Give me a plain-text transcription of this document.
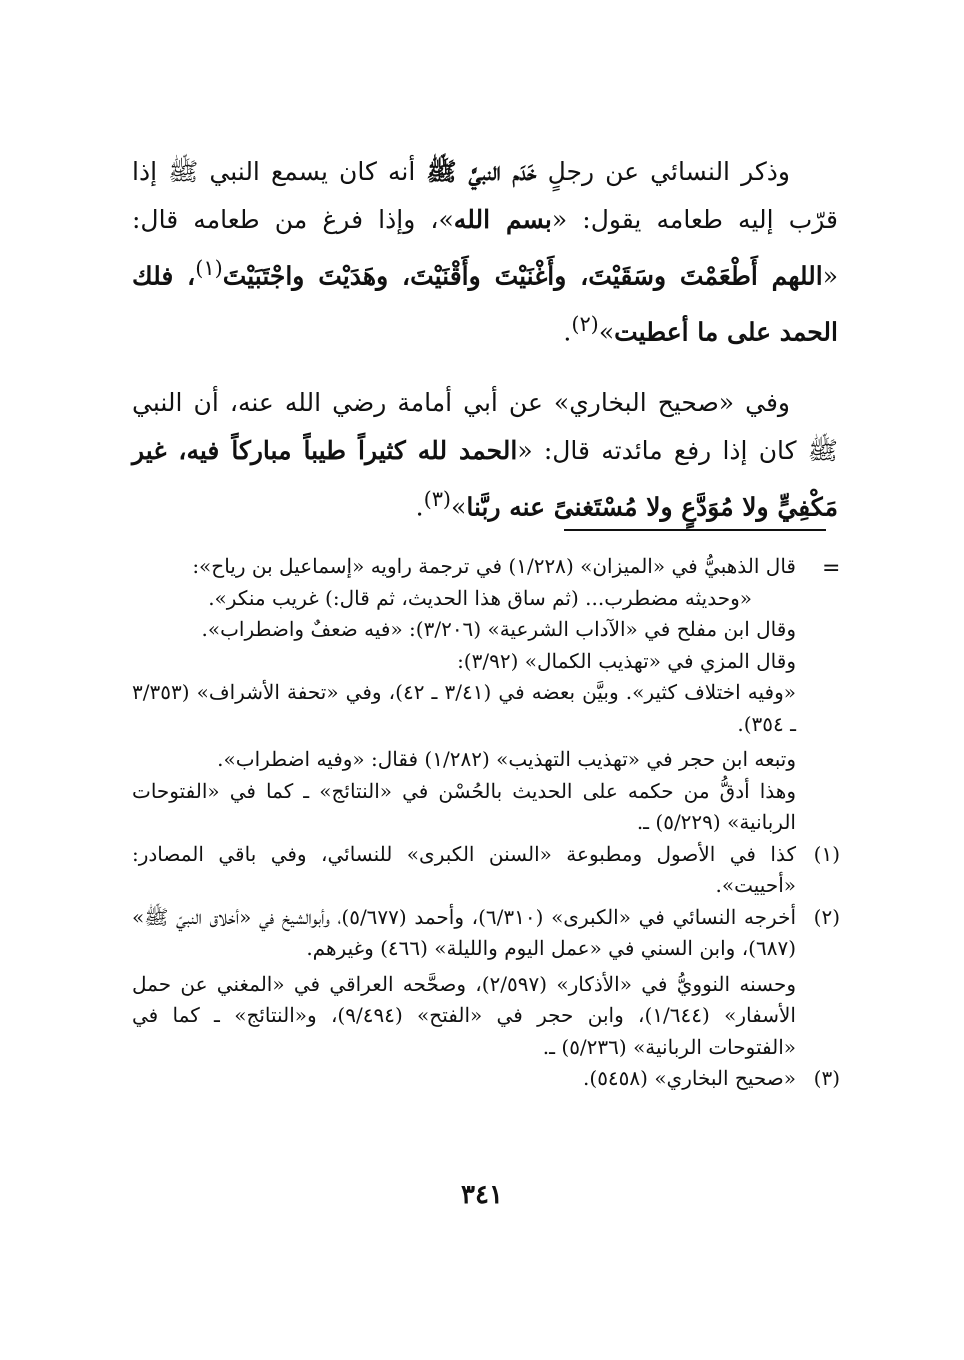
وذكر النسائي عن رجلٍ خَدَم النبيَّ ﷺ أنه كان يسمع النبي ﷺ إذا قرّب إليه طعامه يقول: «بسم الله»، وإذا فرغ من طعامه قال: «اللهم أَطْعَمْتَ وسَقَيْتَ، وأَغْنَيْتَ وأَقْنَيْتَ، وهَدَيْتَ واجْتَبَيْتَ$^{(١)}$، فلك الحمد على ما أعطيت»$^{(٢)}$.

وفي «صحيح البخاري» عن أبي أمامة رضي الله عنه، أن النبي ﷺ كان إذا رفع مائدته قال: «الحمد لله كثيراً طيباً مباركاً فيه، غير مَكْفِيٍّ ولا مُوَدَّعٍ ولا مُسْتَغنىً عنه ربَّنا»$^{(٣)}$.

=
قال الذهبيُّ في «الميزان» (١/٢٢٨) في ترجمة راويه «إسماعيل بن رياح»:
«وحديثه مضطرب... (ثم ساق هذا الحديث، ثم قال:) غريب منكر».
وقال ابن مفلح في «الآداب الشرعية» (٣/٢٠٦): «فيه ضعفٌ واضطراب».
وقال المزي في «تهذيب الكمال» (٣/٩٢):
«وفيه اختلاف كثير». وبيَّن بعضه في (٣/٤١ ـ ٤٢)، وفي «تحفة الأشراف» (٣/٣٥٣ ـ ٣٥٤).
وتبعه ابن حجر في «تهذيب التهذيب» (١/٢٨٢) فقال: «وفيه اضطراب».
وهذا أدقُّ من حكمه على الحديث بالحُسْن في «النتائج» ـ كما في «الفتوحات الربانية» (٥/٢٢٩) ـ.
(١)
كذا في الأصول ومطبوعة «السنن الكبرى» للنسائي، وفي باقي المصادر: «أحييت».
(٢)
أخرجه النسائي في «الكبرى» (٦/٣١٠)، وأحمد (٥/٦٧٧)، وأبوالشيخ في «أخلاق النبيّ ﷺ» (٦٨٧)، وابن السني في «عمل اليوم والليلة» (٤٦٦) وغيرهم.
وحسنه النوويُّ في «الأذكار» (٢/٥٩٧)، وصحَّحه العراقي في «المغني عن حمل الأسفار» (١/٦٤٤)، وابن حجر في «الفتح» (٩/٤٩٤)، و«النتائج» ـ كما في «الفتوحات الربانية» (٥/٢٣٦) ـ.
(٣)
«صحيح البخاري» (٥٤٥٨).
٣٤١
